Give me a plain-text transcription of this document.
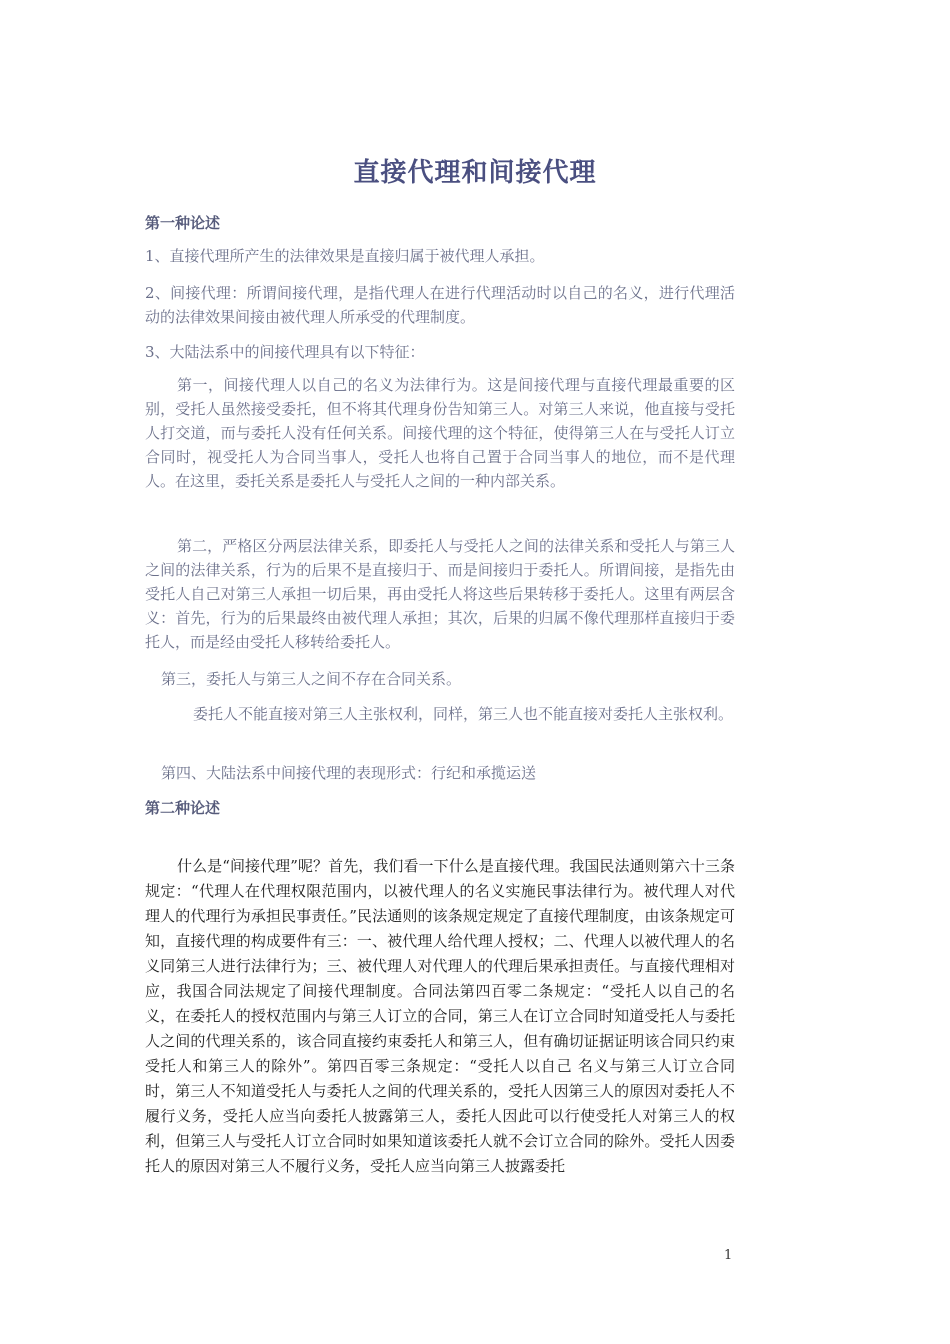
直接代理和间接代理
第一种论述

1、直接代理所产生的法律效果是直接归属于被代理人承担。

2、间接代理：所谓间接代理，是指代理人在进行代理活动时以自己的名义，进行代理活动的法律效果间接由被代理人所承受的代理制度。

3、大陆法系中的间接代理具有以下特征：

第一，间接代理人以自己的名义为法律行为。这是间接代理与直接代理最重要的区别，受托人虽然接受委托，但不将其代理身份告知第三人。对第三人来说，他直接与受托人打交道，而与委托人没有任何关系。间接代理的这个特征，使得第三人在与受托人订立合同时，视受托人为合同当事人，受托人也将自己置于合同当事人的地位，而不是代理人。在这里，委托关系是委托人与受托人之间的一种内部关系。

第二，严格区分两层法律关系，即委托人与受托人之间的法律关系和受托人与第三人之间的法律关系，行为的后果不是直接归于、而是间接归于委托人。所谓间接，是指先由受托人自己对第三人承担一切后果，再由受托人将这些后果转移于委托人。这里有两层含义：首先，行为的后果最终由被代理人承担；其次，后果的归属不像代理那样直接归于委托人，而是经由受托人移转给委托人。

第三，委托人与第三人之间不存在合同关系。

委托人不能直接对第三人主张权利，同样，第三人也不能直接对委托人主张权利。

第四、大陆法系中间接代理的表现形式：行纪和承揽运送

第二种论述

什么是“间接代理”呢？首先，我们看一下什么是直接代理。我国民法通则第六十三条规定：“代理人在代理权限范围内，以被代理人的名义实施民事法律行为。被代理人对代理人的代理行为承担民事责任。”民法通则的该条规定规定了直接代理制度，由该条规定可知，直接代理的构成要件有三：一、被代理人给代理人授权；二、代理人以被代理人的名义同第三人进行法律行为；三、被代理人对代理人的代理后果承担责任。与直接代理相对应，我国合同法规定了间接代理制度。合同法第四百零二条规定：“受托人以自己的名义，在委托人的授权范围内与第三人订立的合同，第三人在订立合同时知道受托人与委托人之间的代理关系的，该合同直接约束委托人和第三人，但有确切证据证明该合同只约束受托人和第三人的除外”。第四百零三条规定：“受托人以自己 名义与第三人订立合同时，第三人不知道受托人与委托人之间的代理关系的，受托人因第三人的原因对委托人不履行义务，受托人应当向委托人披露第三人，委托人因此可以行使受托人对第三人的权利，但第三人与受托人订立合同时如果知道该委托人就不会订立合同的除外。受托人因委托人的原因对第三人不履行义务，受托人应当向第三人披露委托

1
